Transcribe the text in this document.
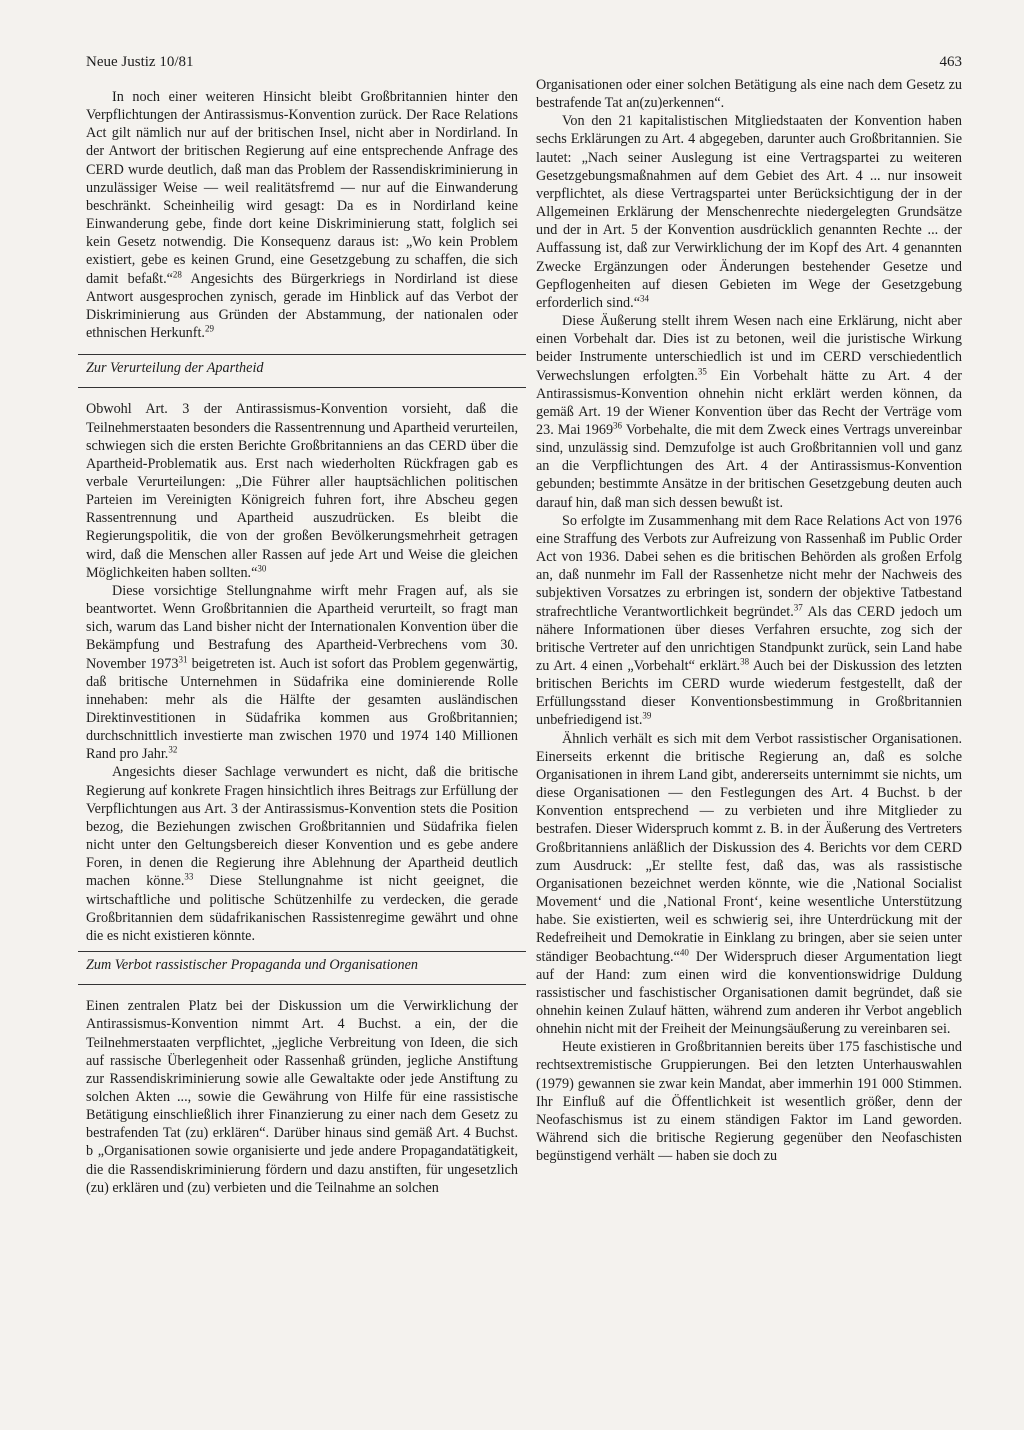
Neue Justiz 10/81	463

In noch einer weiteren Hinsicht bleibt Großbritannien hinter den Verpflichtungen der Antirassismus-Konvention zurück. Der Race Relations Act gilt nämlich nur auf der britischen Insel, nicht aber in Nordirland. In der Antwort der britischen Regierung auf eine entsprechende Anfrage des CERD wurde deutlich, daß man das Problem der Rassendiskriminierung in unzulässiger Weise — weil realitätsfremd — nur auf die Einwanderung beschränkt. Scheinheilig wird gesagt: Da es in Nordirland keine Einwanderung gebe, finde dort keine Diskriminierung statt, folglich sei kein Gesetz notwendig. Die Konsequenz daraus ist: „Wo kein Problem existiert, gebe es keinen Grund, eine Gesetzgebung zu schaffen, die sich damit befaßt.“$^{28}$ Angesichts des Bürgerkriegs in Nordirland ist diese Antwort ausgesprochen zynisch, gerade im Hinblick auf das Verbot der Diskriminierung aus Gründen der Abstammung, der nationalen oder ethnischen Herkunft.$^{29}$

Zur Verurteilung der Apartheid

Obwohl Art. 3 der Antirassismus-Konvention vorsieht, daß die Teilnehmerstaaten besonders die Rassentrennung und Apartheid verurteilen, schwiegen sich die ersten Berichte Großbritanniens an das CERD über die Apartheid-Problematik aus. Erst nach wiederholten Rückfragen gab es verbale Verurteilungen: „Die Führer aller hauptsächlichen politischen Parteien im Vereinigten Königreich fuhren fort, ihre Abscheu gegen Rassentrennung und Apartheid auszudrücken. Es bleibt die Regierungspolitik, die von der großen Bevölkerungsmehrheit getragen wird, daß die Menschen aller Rassen auf jede Art und Weise die gleichen Möglichkeiten haben sollten.“$^{30}$

Diese vorsichtige Stellungnahme wirft mehr Fragen auf, als sie beantwortet. Wenn Großbritannien die Apartheid verurteilt, so fragt man sich, warum das Land bisher nicht der Internationalen Konvention über die Bekämpfung und Bestrafung des Apartheid-Verbrechens vom 30. November 1973$^{31}$ beigetreten ist. Auch ist sofort das Problem gegenwärtig, daß britische Unternehmen in Südafrika eine dominierende Rolle innehaben: mehr als die Hälfte der gesamten ausländischen Direktinvestitionen in Südafrika kommen aus Großbritannien; durchschnittlich investierte man zwischen 1970 und 1974 140 Millionen Rand pro Jahr.$^{32}$

Angesichts dieser Sachlage verwundert es nicht, daß die britische Regierung auf konkrete Fragen hinsichtlich ihres Beitrags zur Erfüllung der Verpflichtungen aus Art. 3 der Antirassismus-Konvention stets die Position bezog, die Beziehungen zwischen Großbritannien und Südafrika fielen nicht unter den Geltungsbereich dieser Konvention und es gebe andere Foren, in denen die Regierung ihre Ablehnung der Apartheid deutlich machen könne.$^{33}$ Diese Stellungnahme ist nicht geeignet, die wirtschaftliche und politische Schützenhilfe zu verdecken, die gerade Großbritannien dem südafrikanischen Rassistenregime gewährt und ohne die es nicht existieren könnte.

Zum Verbot rassistischer Propaganda und Organisationen

Einen zentralen Platz bei der Diskussion um die Verwirklichung der Antirassismus-Konvention nimmt Art. 4 Buchst. a ein, der die Teilnehmerstaaten verpflichtet, „jegliche Verbreitung von Ideen, die sich auf rassische Überlegenheit oder Rassenhaß gründen, jegliche Anstiftung zur Rassendiskriminierung sowie alle Gewaltakte oder jede Anstiftung zu solchen Akten ..., sowie die Gewährung von Hilfe für eine rassistische Betätigung einschließlich ihrer Finanzierung zu einer nach dem Gesetz zu bestrafenden Tat (zu) erklären“. Darüber hinaus sind gemäß Art. 4 Buchst. b „Organisationen sowie organisierte und jede andere Propagandatätigkeit, die die Rassendiskriminierung fördern und dazu anstiften, für ungesetzlich (zu) erklären und (zu) verbieten und die Teilnahme an solchen

Organisationen oder einer solchen Betätigung als eine nach dem Gesetz zu bestrafende Tat an(zu)erkennen“.

Von den 21 kapitalistischen Mitgliedstaaten der Konvention haben sechs Erklärungen zu Art. 4 abgegeben, darunter auch Großbritannien. Sie lautet: „Nach seiner Auslegung ist eine Vertragspartei zu weiteren Gesetzgebungsmaßnahmen auf dem Gebiet des Art. 4 ... nur insoweit verpflichtet, als diese Vertragspartei unter Berücksichtigung der in der Allgemeinen Erklärung der Menschenrechte niedergelegten Grundsätze und der in Art. 5 der Konvention ausdrücklich genannten Rechte ... der Auffassung ist, daß zur Verwirklichung der im Kopf des Art. 4 genannten Zwecke Ergänzungen oder Änderungen bestehender Gesetze und Gepflogenheiten auf diesen Gebieten im Wege der Gesetzgebung erforderlich sind.“$^{34}$

Diese Äußerung stellt ihrem Wesen nach eine Erklärung, nicht aber einen Vorbehalt dar. Dies ist zu betonen, weil die juristische Wirkung beider Instrumente unterschiedlich ist und im CERD verschiedentlich Verwechslungen erfolgten.$^{35}$ Ein Vorbehalt hätte zu Art. 4 der Antirassismus-Konvention ohnehin nicht erklärt werden können, da gemäß Art. 19 der Wiener Konvention über das Recht der Verträge vom 23. Mai 1969$^{36}$ Vorbehalte, die mit dem Zweck eines Vertrags unvereinbar sind, unzulässig sind. Demzufolge ist auch Großbritannien voll und ganz an die Verpflichtungen des Art. 4 der Antirassismus-Konvention gebunden; bestimmte Ansätze in der britischen Gesetzgebung deuten auch darauf hin, daß man sich dessen bewußt ist.

So erfolgte im Zusammenhang mit dem Race Relations Act von 1976 eine Straffung des Verbots zur Aufreizung von Rassenhaß im Public Order Act von 1936. Dabei sehen es die britischen Behörden als großen Erfolg an, daß nunmehr im Fall der Rassenhetze nicht mehr der Nachweis des subjektiven Vorsatzes zu erbringen ist, sondern der objektive Tatbestand strafrechtliche Verantwortlichkeit begründet.$^{37}$ Als das CERD jedoch um nähere Informationen über dieses Verfahren ersuchte, zog sich der britische Vertreter auf den unrichtigen Standpunkt zurück, sein Land habe zu Art. 4 einen „Vorbehalt“ erklärt.$^{38}$ Auch bei der Diskussion des letzten britischen Berichts im CERD wurde wiederum festgestellt, daß der Erfüllungsstand dieser Konventionsbestimmung in Großbritannien unbefriedigend ist.$^{39}$

Ähnlich verhält es sich mit dem Verbot rassistischer Organisationen. Einerseits erkennt die britische Regierung an, daß es solche Organisationen in ihrem Land gibt, andererseits unternimmt sie nichts, um diese Organisationen — den Festlegungen des Art. 4 Buchst. b der Konvention entsprechend — zu verbieten und ihre Mitglieder zu bestrafen. Dieser Widerspruch kommt z. B. in der Äußerung des Vertreters Großbritanniens anläßlich der Diskussion des 4. Berichts vor dem CERD zum Ausdruck: „Er stellte fest, daß das, was als rassistische Organisationen bezeichnet werden könnte, wie die ‚National Socialist Movement‘ und die ‚National Front‘, keine wesentliche Unterstützung habe. Sie existierten, weil es schwierig sei, ihre Unterdrückung mit der Redefreiheit und Demokratie in Einklang zu bringen, aber sie seien unter ständiger Beobachtung.“$^{40}$ Der Widerspruch dieser Argumentation liegt auf der Hand: zum einen wird die konventionswidrige Duldung rassistischer und faschistischer Organisationen damit begründet, daß sie ohnehin keinen Zulauf hätten, während zum anderen ihr Verbot angeblich ohnehin nicht mit der Freiheit der Meinungsäußerung zu vereinbaren sei.

Heute existieren in Großbritannien bereits über 175 faschistische und rechtsextremistische Gruppierungen. Bei den letzten Unterhauswahlen (1979) gewannen sie zwar kein Mandat, aber immerhin 191 000 Stimmen. Ihr Einfluß auf die Öffentlichkeit ist wesentlich größer, denn der Neofaschismus ist zu einem ständigen Faktor im Land geworden. Während sich die britische Regierung gegenüber den Neofaschisten begünstigend verhält — haben sie doch zu
